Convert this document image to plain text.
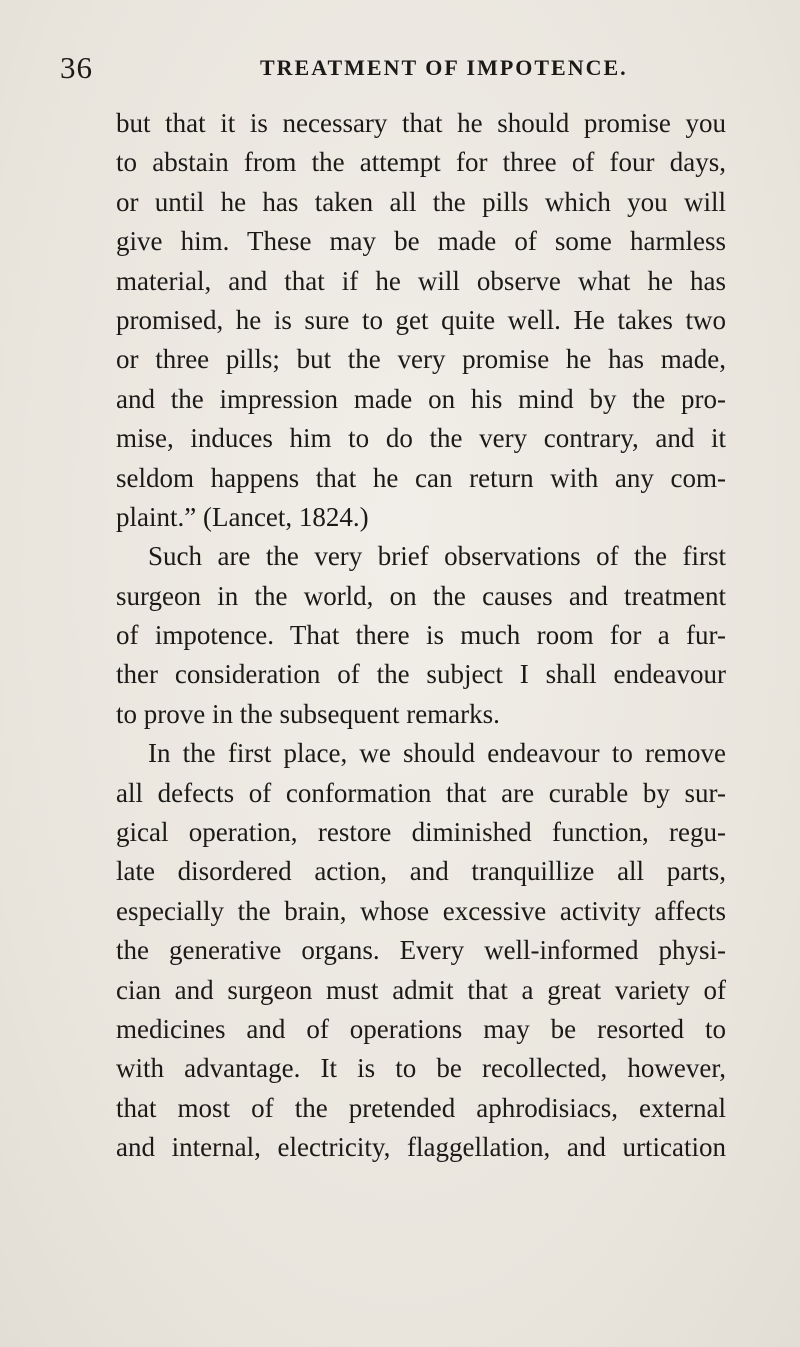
36	TREATMENT OF IMPOTENCE.
but that it is necessary that he should promise you
to abstain from the attempt for three of four days,
or until he has taken all the pills which you will
give him. These may be made of some harmless
material, and that if he will observe what he has
promised, he is sure to get quite well. He takes two
or three pills; but the very promise he has made,
and the impression made on his mind by the pro-
mise, induces him to do the very contrary, and it
seldom happens that he can return with any com-
plaint.” (Lancet, 1824.)
Such are the very brief observations of the first
surgeon in the world, on the causes and treatment
of impotence. That there is much room for a fur-
ther consideration of the subject I shall endeavour
to prove in the subsequent remarks.
In the first place, we should endeavour to remove
all defects of conformation that are curable by sur-
gical operation, restore diminished function, regu-
late disordered action, and tranquillize all parts,
especially the brain, whose excessive activity affects
the generative organs. Every well-informed physi-
cian and surgeon must admit that a great variety of
medicines and of operations may be resorted to
with advantage. It is to be recollected, however,
that most of the pretended aphrodisiacs, external
and internal, electricity, flaggellation, and urtication
